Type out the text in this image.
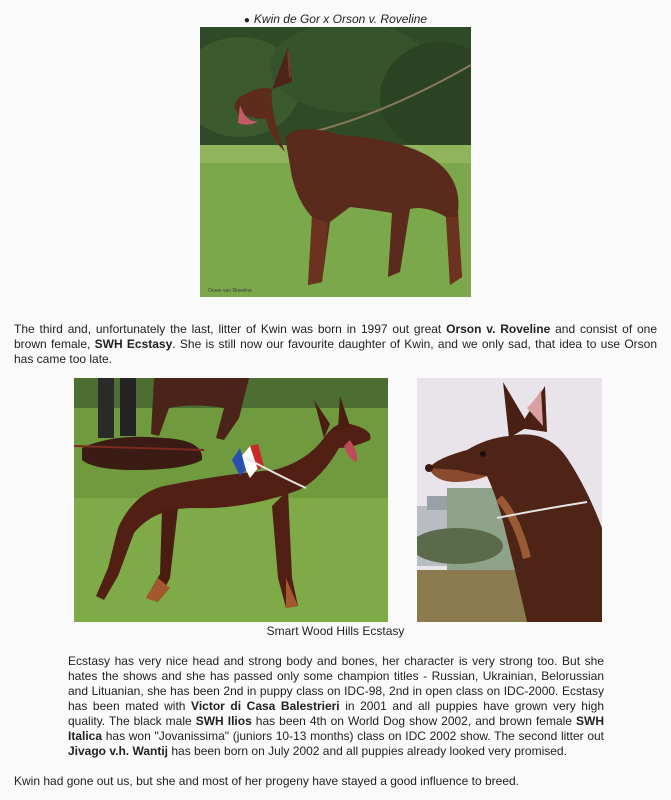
● Kwin de Gor x Orson v. Roveline
Orson von Roveline
The third and, unfortunately the last, litter of Kwin was born in 1997 out great Orson v. Roveline and consist of one brown female, SWH Ecstasy. She is still now our favourite daughter of Kwin, and we only sad, that idea to use Orson has came too late.
Smart Wood Hills Ecstasy
Ecstasy has very nice head and strong body and bones, her character is very strong too. But she hates the shows and she has passed only some champion titles - Russian, Ukrainian, Belorussian and Lituanian, she has been 2nd in puppy class on IDC-98, 2nd in open class on IDC-2000. Ecstasy has been mated with Victor di Casa Balestrieri in 2001 and all puppies have grown very high quality. The black male SWH Ilios has been 4th on World Dog show 2002, and brown female SWH Italica has won "Jovanissima" (juniors 10-13 months) class on IDC 2002 show. The second litter out Jivago v.h. Wantij has been born on July 2002 and all puppies already looked very promised.
Kwin had gone out us, but she and most of her progeny have stayed a good influence to breed.
